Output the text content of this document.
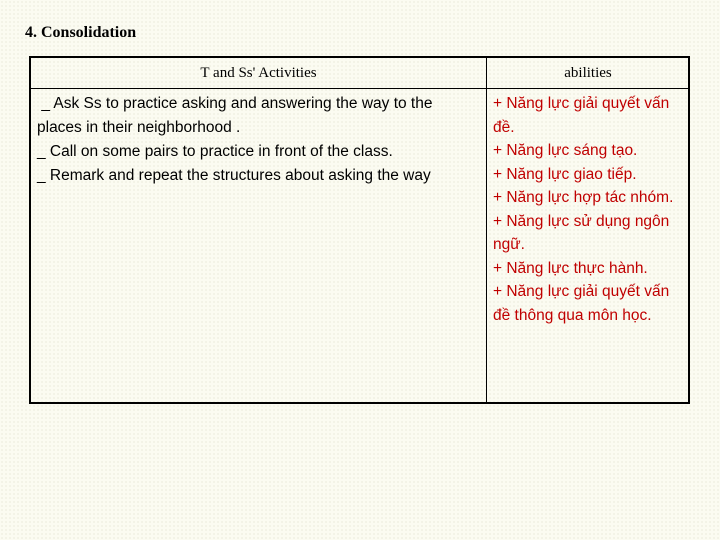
4. Consolidation
T and Ss' Activities	abilities
_ Ask Ss to practice asking and answering the way to the places in their neighborhood .
_ Call on some pairs to practice in front of the class.
_ Remark and repeat the structures about asking the way
+ Năng lực giải quyết vấn đề.
+ Năng lực sáng tạo.
+ Năng lực giao tiếp.
+ Năng lực hợp tác nhóm.
+ Năng lực sử dụng ngôn ngữ.
+ Năng lực thực hành.
+ Năng lực giải quyết vấn đề thông qua môn học.
